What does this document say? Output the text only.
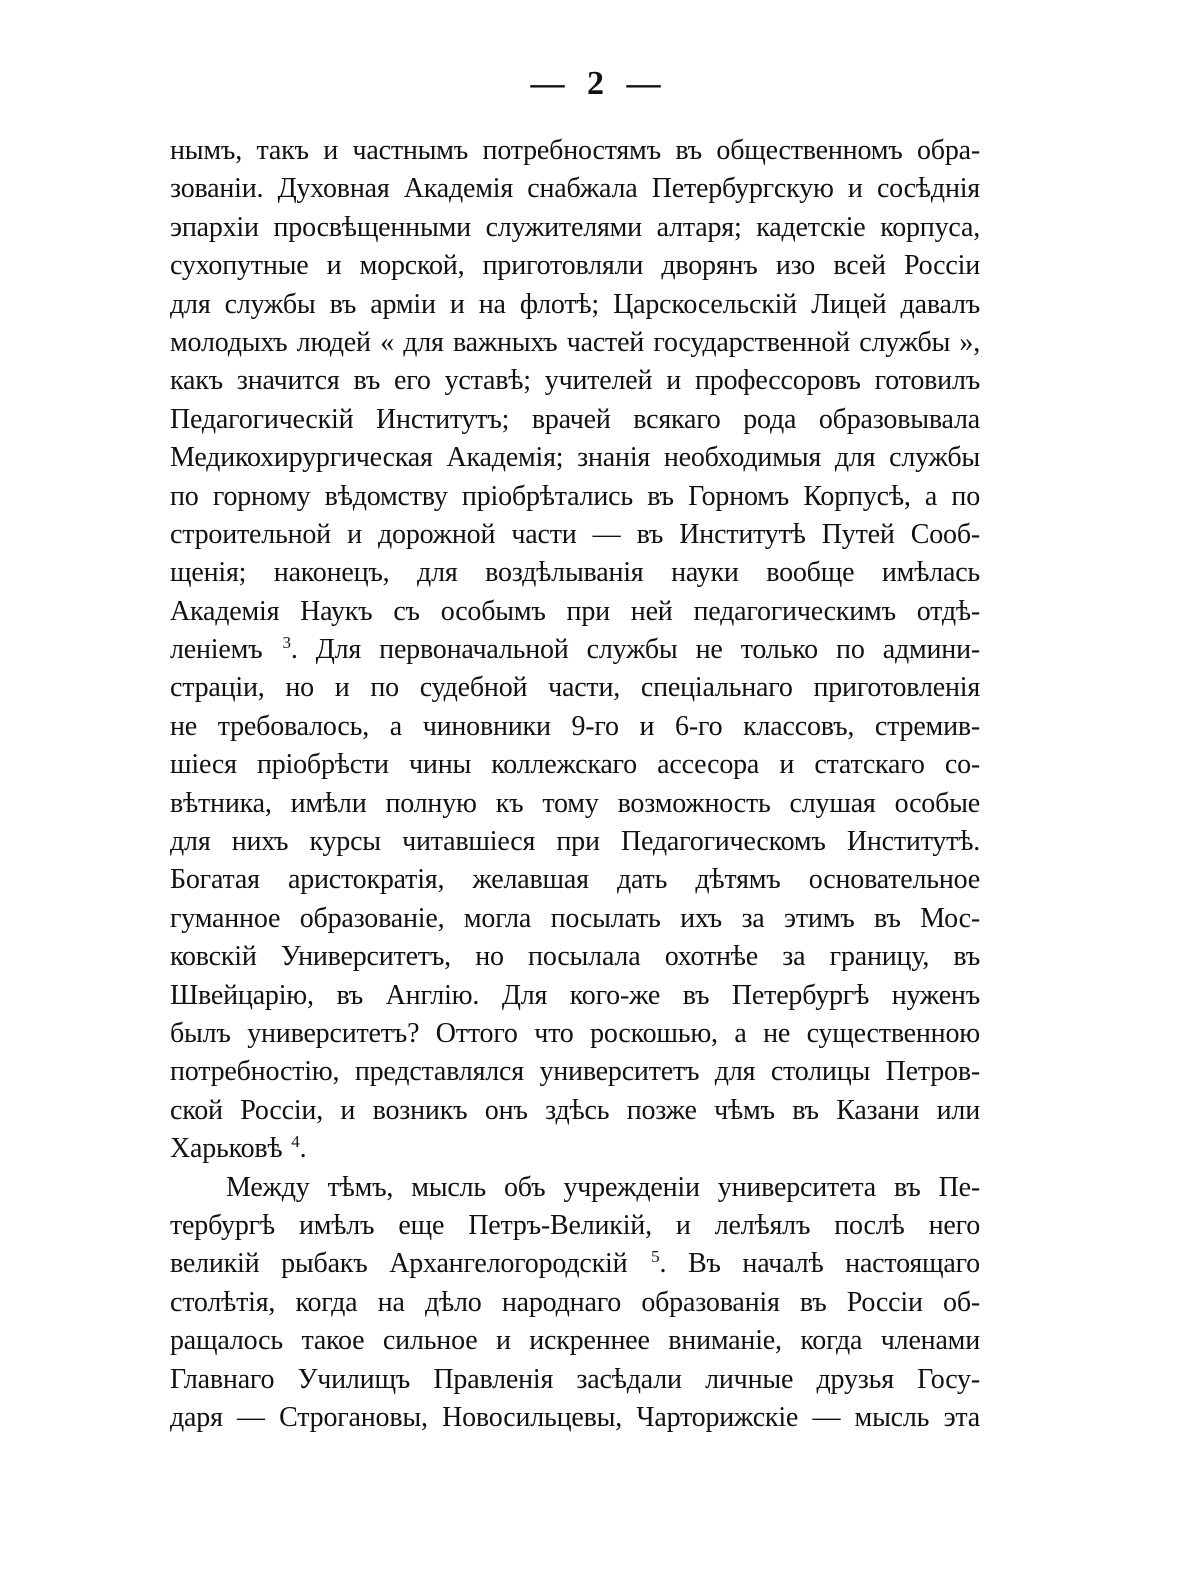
— 2 —
нымъ, такъ и частнымъ потребностямъ въ общественномъ обра-
зованіи. Духовная Академія снабжала Петербургскую и сосѣднія
эпархіи просвѣщенными служителями алтаря; кадетскіе корпуса,
сухопутные и морской, приготовляли дворянъ изо всей Россіи
для службы въ арміи и на флотѣ; Царскосельскій Лицей давалъ
молодыхъ людей « для важныхъ частей государственной службы »,
какъ значится въ его уставѣ; учителей и профессоровъ готовилъ
Педагогическій Институтъ; врачей всякаго рода образовывала
Медикохирургическая Академія; знанія необходимыя для службы
по горному вѣдомству пріобрѣтались въ Горномъ Корпусѣ, а по
строительной и дорожной части — въ Институтѣ Путей Сооб-
щенія; наконецъ, для воздѣлыванія науки вообще имѣлась
Академія Наукъ съ особымъ при ней педагогическимъ отдѣ-
леніемъ $^3$. Для первоначальной службы не только по админи-
страціи, но и по судебной части, спеціальнаго приготовленія
не требовалось, а чиновники 9-го и 6-го классовъ, стремив-
шіеся пріобрѣсти чины коллежскаго ассесора и статскаго со-
вѣтника, имѣли полную къ тому возможность слушая особые
для нихъ курсы читавшіеся при Педагогическомъ Институтѣ.
Богатая аристократія, желавшая дать дѣтямъ основательное
гуманное образованіе, могла посылать ихъ за этимъ въ Мос-
ковскій Университетъ, но посылала охотнѣе за границу, въ
Швейцарію, въ Англію. Для кого-же въ Петербургѣ нуженъ
былъ университетъ? Оттого что роскошью, а не существенною
потребностію, представлялся университетъ для столицы Петров-
ской Россіи, и возникъ онъ здѣсь позже чѣмъ въ Казани или
Харьковѣ $^4$.
Между тѣмъ, мысль объ учрежденіи университета въ Пе-
тербургѣ имѣлъ еще Петръ-Великій, и лелѣялъ послѣ него
великій рыбакъ Архангелогородскій $^5$. Въ началѣ настоящаго
столѣтія, когда на дѣло народнаго образованія въ Россіи об-
ращалось такое сильное и искреннее вниманіе, когда членами
Главнаго Училищъ Правленія засѣдали личные друзья Госу-
даря — Строгановы, Новосильцевы, Чарторижскіе — мысль эта
